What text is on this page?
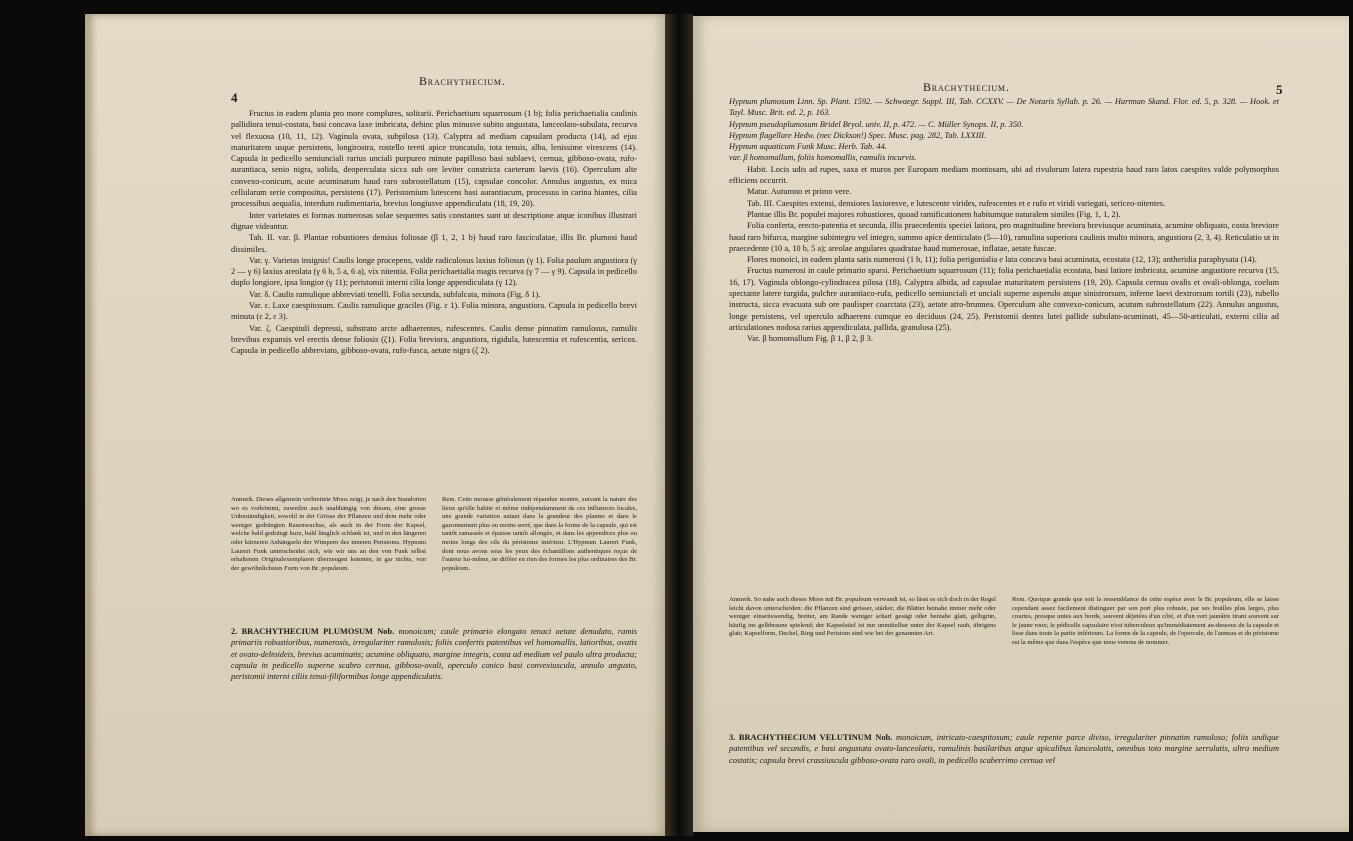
4
Brachythecium.

Fructus in eadem planta pro more complures, solitarii. Perichaetium squarrosum (1 b); folia perichaetialia caulinis pallidiora tenui-costata, basi concava laxe imbricata, dehinc plus minusve subito angustata, lanceolato-subulata, recurva vel flexuosa (10, 11, 12). Vaginula ovata, subpilosa (13). Calyptra ad mediam capsulam producta (14), ad ejus maturitatem usque persistens, longirostra, rostello tereti apice truncatulo, tota tenuis, alba, lenissime virescens (14). Capsula in pedicello semiunciali rarius unciali purpureo minute papilloso basi sublaevi, cernua, gibboso-ovata, rufo-aurantiaca, senio nigra, solida, deoperculata sicca sub ore leviter constricta caeterum laevis (16). Operculum alte convexo-conicum, acute acuminatum haud raro subrostellatum (15), capsulae concolor. Annulus angustus, ex mica cellularum serie compositus, persistens (17). Peristomium lutescens basi aurantiacum, processus in carina hiantes, cilia processibus aequalia, interdum rudimentaria, brevius longiusve appendiculata (18, 19, 20).

Inter varietates et formas numerosas solae sequentes satis constantes sunt ut descriptione atque iconibus illustrari dignae videantur.

Tab. II. var. β. Plantae robustiores densius foliosae (β 1, 2, 1 b) haud raro fasciculatae, illis Br. plumosi haud dissimiles.

Var. γ. Varietas insignis! Caulis longe procepens, valde radiculosus laxius foliosus (γ 1). Folia paulum angustiora (γ 2 — γ 6) laxius areolata (γ 6 b, 5 a, 6 a), vix nitentia. Folia perichaetialia magis recurva (γ 7 — γ 9). Capsula in pedicello duplo longiore, ipsa longior (γ 11); peristomii interni cilia longe appendiculata (γ 12).

Var. δ. Caulis ramulique abbreviati tenelli. Folia secunda, subfalcata, minora (Fig. δ 1).

Var. ε. Laxe caespitosum. Caulis ramulique graciles (Fig. ε 1). Folia minora, angustiora. Capsula in pedicello brevi minuta (ε 2, ε 3).

Var. ζ. Caespituli depressi, substrato arcte adhaerentes, rufescentes. Caulis dense pinnatim ramulosus, ramulis brevibus expansis vel erectis dense foliosis (ζ1). Folia breviora, angustiora, rigidula, lutescentia et rufescentia, sericea. Capsula in pedicello abbreviato, gibboso-ovata, rufo-fusca, aetate nigra (ζ 2).

Anmerk. Dieses allgemein verbreitete Moos zeigt, je nach den Standorten wo es vorkömmt, zuweilen auch unabhängig von diesen, eine grosse Unbeständigkeit, sowohl in der Grösse der Pflanzen und dem mehr oder weniger gedrängten Rasenwuchse, als auch in der Form der Kapsel, welche bald gedrängt kurz, bald länglich schlank ist, und in den längeren oder kürzeren Anhängseln der Wimpern des inneren Peristoms. Hypnum Laureri Funk unterscheidet sich, wie wir uns an den von Funk selbst erhaltenen Originalexemplaren überzeugen konnten, in gar nichts, von der gewöhnlichsten Form von Br. populeum.
Rem. Cette mousse généralement répandue montre, suivant la nature des lieux qu'elle habite et même indépendamment de ces influences locales, une grande variation autant dans la grandeur des plantes et dans le gazonnement plus ou moins serré, que dans la forme de la capsule, qui est tantôt ramassée et épaisse tantôt allongée, et dans les appendices plus ou moins longs des cils du péristome intérieur. L'Hypnum Laureri Funk, dont nous avons sous les yeux des échantillons authentiques reçus de l'auteur lui-même, ne diffère en rien des formes les plus ordinaires des Br. populeum.
2. BRACHYTHECIUM PLUMOSUM Nob. monoicum; caule primario elongato tenaci aetate denudato, ramis primariis robustioribus, numerosis, irregulariter ramulosis; foliis confertis patentibus vel homomallis, latioribus, ovatis et ovato-deltoideis, brevius acuminatis; acumine obliquato, margine integris, costa ad medium vel paulo ultra producta; capsula in pedicello superne scabro cernua, gibboso-ovali, operculo conico basi convexiuscula, annulo angusto, peristomii interni ciliis tenui-filiformibus longe appendiculatis.
Brachythecium.	5
Hypnum plumosum Linn. Sp. Plant. 1592. — Schwaegr. Suppl. III, Tab. CCXXV. — De Notaris Syllab. p. 26. — Hartman Skand. Flor. ed. 5, p. 328. — Hook. et Tayl. Musc. Brit. ed. 2, p. 163.
Hypnum pseudoplumosum Bridel Bryol. univ. II, p. 472. — C. Müller Synops. II, p. 350.
Hypnum flagellare Hedw. (nec Dickson!) Spec. Musc. pag. 282, Tab. LXXIII.
Hypnum aquaticum Funk Musc. Herb. Tab. 44.
var. β homomallum, foliis homomallis, ramulis incurvis.

Habit. Locis udis ad rupes, saxa et muros per Europam mediam montosam, ubi ad rivulorum latera rupestria haud raro latos caespites valde polymorphos efficiens occurrit.

Matur. Autumno et primo vere.

Tab. III. Caespites extensi, densiores laxioresve, e lutescente virides, rufescentes et e rufo et viridi variegati, sericeo-nitentes.

Plantae illis Br. populei majores robustiores, quoad ramificationem habitumque naturalem similes (Fig. 1, 1, 2).

Folia conferta, erecto-patentia et secunda, illis praecedentis speciei latiora, pro magnitudine breviora breviusque acuminata, acumine obliquato, costa breviore haud raro bifurca, margine subintegro vel integro, summo apice denticulato (5—10), ramulina superiora caulinis multo minora, angustiora (2, 3, 4). Reticulatio ut in praecedente (10 a, 10 b, 5 a); areolae angulares quadratae haud numerosae, inflatae, aetate fuscae.

Flores monoici, in eadem planta satis numerosi (1 b, 11); folia perigonialia e lata concava basi acuminata, ecostata (12, 13); antheridia paraphysata (14).

Fructus numerosi in caule primario sparsi. Perichaetium squarrosum (11); folia perichaetialia ecostata, basi latiore imbricata, acumine angustiore recurva (15, 16, 17). Vaginula oblongo-cylindracea pilosa (18). Calyptra albida, ad capsulae maturitatem persistens (19, 20). Capsula cernua ovalis et ovali-oblonga, coelum spectante latere turgida, pulchre aurantiaco-rufa, pedicello semiunciali et unciali superne asperulo atque sinistrorsum, inferne laevi dextrorsum tortili (23), rubello instructa, sicca evacuata sub ore paulisper coarctata (23), aetate atro-brunnea. Operculum alte convexo-conicum, acutum subrostellatum (22). Annulus angustus, longe persistens, vel operculo adhaerens cumque eo deciduus (24, 25). Peristomii dentes lutei pallide subulato-acuminati, 45—50-articulati, externi cilia ad articulationes nodosa rarius appendiculata, pallida, granulosa (25).

Var. β homomallum Fig. β 1, β 2, β 3.

Anmerk. So nahe auch dieses Moos mit Br. populeum verwandt ist, so lässt es sich doch in der Regel leicht davon unterscheiden: die Pflanzen sind grösser, stärker, die Blätter beinahe immer mehr oder weniger einseitswendig, breiter, am Rande weniger scharf gesägt oder beinahe glatt, gelbgrün, häufig ins gelbbraune spielend; der Kapselstiel ist nur unmittelbar unter der Kapsel rauh, übrigens glatt; Kapselform, Deckel, Ring und Peristom sind wie bei der genannten Art.
Rem. Quoique grande que soit la ressemblance de cette espèce avec le Br. populeum, elle se laisse cependant assez facilement distinguer par son port plus robuste, par ses feuilles plus larges, plus courtes, presque unies aux bords, souvent déjetées d'un côté, et d'un vert jaunâtre tirant souvent sur le jaune roux; le pédicelle capsulaire n'est tuberculeux qu'immédiatement au-dessous de la capsule et lisse dans toute la partie inférieure. La forme de la capsule, de l'opercule, de l'anneau et du péristome est la même que dans l'espèce que nous venons de nommer.
3. BRACHYTHECIUM VELUTINUM Nob. monoicum, intricato-caespitosum; caule repente parce diviso, irregulariter pinnatim ramuloso; foliis undique patentibus vel secundis, e basi angustata ovato-lanceolatis, ramulinis basilaribus atque apicalibus lanceolatis, omnibus toto margine serrulatis, ultra medium costatis; capsula brevi crassiuscula gibboso-ovata raro ovali, in pedicello scaberrimo cernua vel
